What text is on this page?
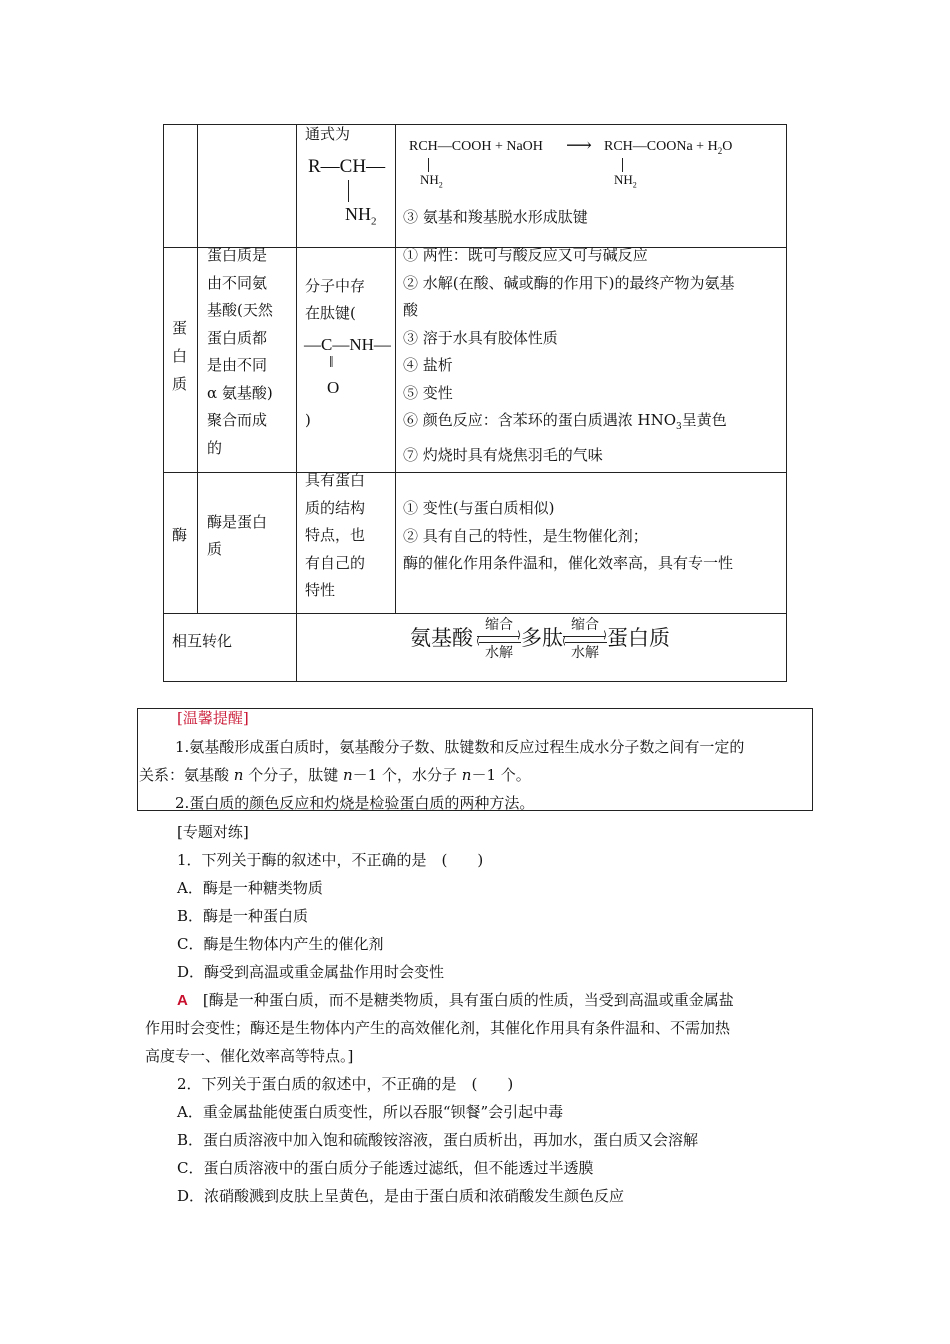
通式为
R—CH—
$NH_2$
RCH—COOH + NaOH ⟶ RCH—COONa + $H_2O$
$NH_2$	$NH_2$
③ 氨基和羧基脱水形成肽键
蛋白质
蛋白质是
由不同氨
基酸(天然
蛋白质都
是由不同
α 氨基酸)
聚合而成
的
分子中存
在肽键(
—C—NH—
‖
O
)
① 两性：既可与酸反应又可与碱反应
② 水解(在酸、碱或酶的作用下)的最终产物为氨基
酸
③ 溶于水具有胶体性质
④ 盐析
⑤ 变性
⑥ 颜色反应：含苯环的蛋白质遇浓 $HNO_3$呈黄色
⑦ 灼烧时具有烧焦羽毛的气味
酶
酶是蛋白
质
具有蛋白
质的结构
特点，也
有自己的
特性
① 变性(与蛋白质相似)
② 具有自己的特性，是生物催化剂；
酶的催化作用条件温和，催化效率高，具有专一性
相互转化	氨基酸
缩合
⟩
⟨
水解
多肽
缩合
⟩
⟨
水解
蛋白质
[温馨提醒]
1.氨基酸形成蛋白质时，氨基酸分子数、肽键数和反应过程生成水分子数之间有一定的
关系：氨基酸 n 个分子，肽键 n－1 个，水分子 n－1 个。
2.蛋白质的颜色反应和灼烧是检验蛋白质的两种方法。
[专题对练]
1．下列关于酶的叙述中，不正确的是　(　　)
A．酶是一种糖类物质
B．酶是一种蛋白质
C．酶是生物体内产生的催化剂
D．酶受到高温或重金属盐作用时会变性
A  [酶是一种蛋白质，而不是糖类物质，具有蛋白质的性质，当受到高温或重金属盐
作用时会变性；酶还是生物体内产生的高效催化剂，其催化作用具有条件温和、不需加热
高度专一、催化效率高等特点。]
2．下列关于蛋白质的叙述中，不正确的是　(　　)
A．重金属盐能使蛋白质变性，所以吞服“钡餐”会引起中毒
B．蛋白质溶液中加入饱和硫酸铵溶液，蛋白质析出，再加水，蛋白质又会溶解
C．蛋白质溶液中的蛋白质分子能透过滤纸，但不能透过半透膜
D．浓硝酸溅到皮肤上呈黄色，是由于蛋白质和浓硝酸发生颜色反应
